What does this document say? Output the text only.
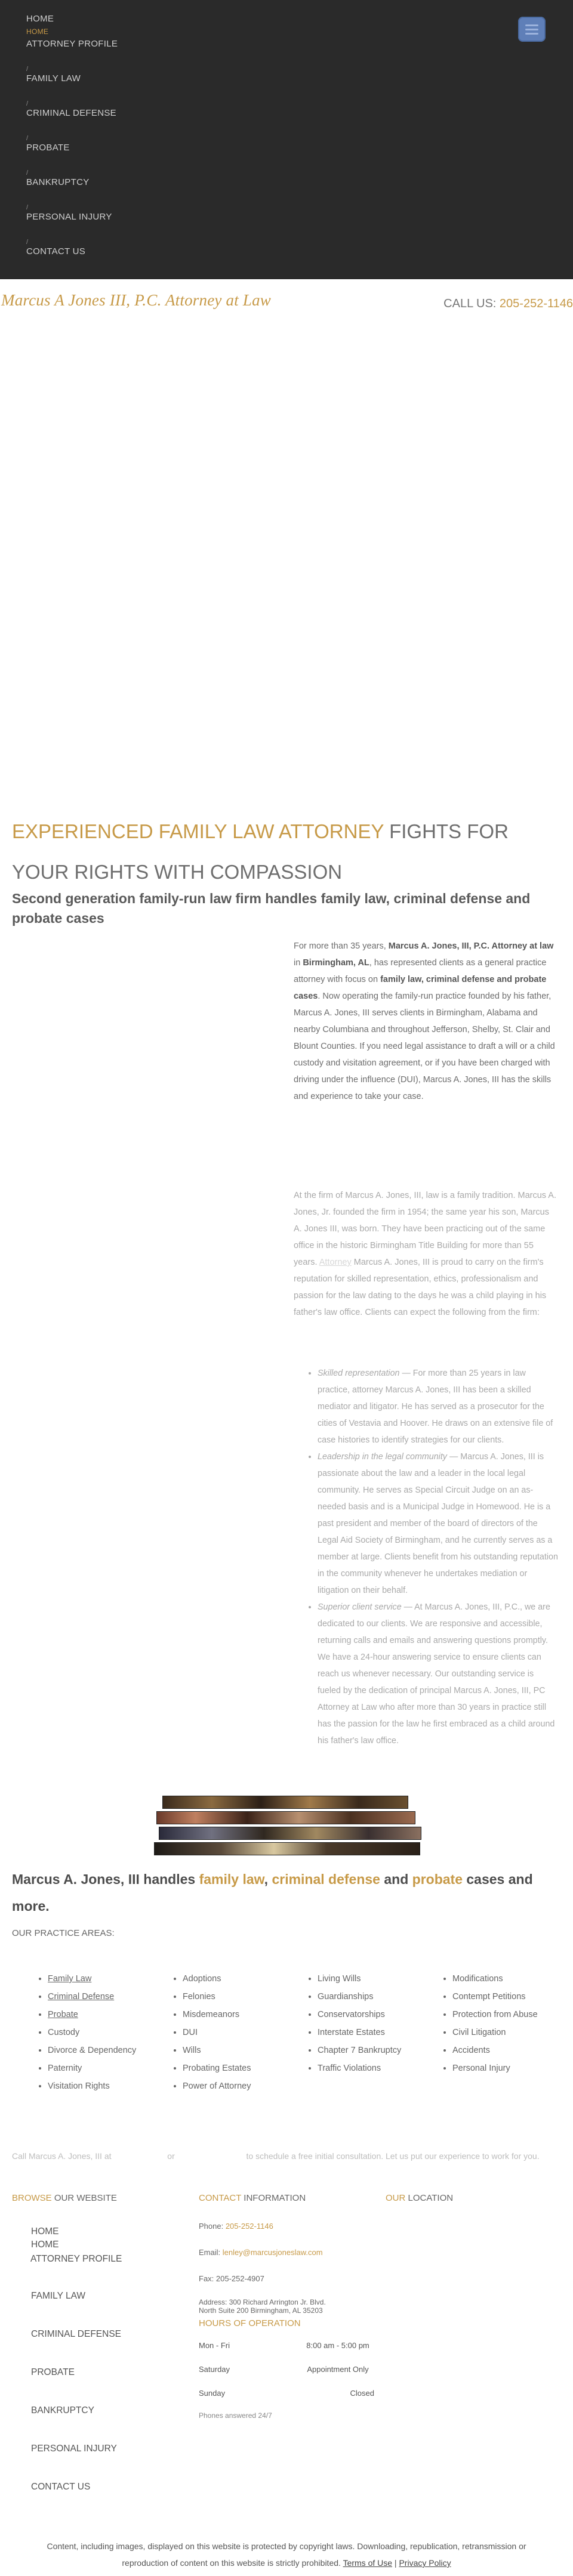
HOME
HOME
ATTORNEY PROFILE
/
FAMILY LAW
/
CRIMINAL DEFENSE
/
PROBATE
/
BANKRUPTCY
/
PERSONAL INJURY
/
CONTACT US
Marcus A Jones III, P.C. Attorney at Law	CALL US: 205-252-1146
EXPERIENCED FAMILY LAW ATTORNEY FIGHTS FOR YOUR RIGHTS WITH COMPASSION
Second generation family-run law firm handles family law, criminal defense and probate cases

For more than 35 years, Marcus A. Jones, III, P.C. Attorney at law in Birmingham, AL, has represented clients as a general practice attorney with focus on family law, criminal defense and probate cases. Now operating the family-run practice founded by his father, Marcus A. Jones, III serves clients in Birmingham, Alabama and nearby Columbiana and throughout Jefferson, Shelby, St. Clair and Blount Counties. If you need legal assistance to draft a will or a child custody and visitation agreement, or if you have been charged with driving under the influence (DUI), Marcus A. Jones, III has the skills and experience to take your case.

At the firm of Marcus A. Jones, III, law is a family tradition. Marcus A. Jones, Jr. founded the firm in 1954; the same year his son, Marcus A. Jones III, was born. They have been practicing out of the same office in the historic Birmingham Title Building for more than 55 years. Attorney Marcus A. Jones, III is proud to carry on the firm's reputation for skilled representation, ethics, professionalism and passion for the law dating to the days he was a child playing in his father's law office. Clients can expect the following from the firm:

• Skilled representation — For more than 25 years in law practice, attorney Marcus A. Jones, III has been a skilled mediator and litigator. He has served as a prosecutor for the cities of Vestavia and Hoover. He draws on an extensive file of case histories to identify strategies for our clients.
• Leadership in the legal community — Marcus A. Jones, III is passionate about the law and a leader in the local legal community. He serves as Special Circuit Judge on an as-needed basis and is a Municipal Judge in Homewood. He is a past president and member of the board of directors of the Legal Aid Society of Birmingham, and he currently serves as a member at large. Clients benefit from his outstanding reputation in the community whenever he undertakes mediation or litigation on their behalf.
• Superior client service — At Marcus A. Jones, III, P.C., we are dedicated to our clients. We are responsive and accessible, returning calls and emails and answering questions promptly. We have a 24-hour answering service to ensure clients can reach us whenever necessary. Our outstanding service is fueled by the dedication of principal Marcus A. Jones, III, PC Attorney at Law who after more than 30 years in practice still has the passion for the law he first embraced as a child around his father's law office.
Marcus A. Jones, III handles family law, criminal defense and probate cases and more.
OUR PRACTICE AREAS:
• Family Law
• Criminal Defense
• Probate
• Custody
• Divorce & Dependency
• Paternity
• Visitation Rights
• Adoptions
• Felonies
• Misdemeanors
• DUI
• Wills
• Probating Estates
• Power of Attorney
• Living Wills
• Guardianships
• Conservatorships
• Interstate Estates
• Chapter 7 Bankruptcy
• Traffic Violations
• Modifications
• Contempt Petitions
• Protection from Abuse
• Civil Litigation
• Accidents
• Personal Injury

Call Marcus A. Jones, III at	or	to schedule a free initial consultation. Let us put our experience to work for you.

BROWSE OUR WEBSITE	CONTACT INFORMATION	OUR LOCATION
HOME
HOME
ATTORNEY PROFILE
FAMILY LAW
CRIMINAL DEFENSE
PROBATE
BANKRUPTCY
PERSONAL INJURY
CONTACT US
Phone: 205-252-1146
Email: lenley@marcusjoneslaw.com
Fax: 205-252-4907
Address: 300 Richard Arrington Jr. Blvd.
North Suite 200 Birmingham, AL 35203
HOURS OF OPERATION
Mon - Fri	8:00 am - 5:00 pm
Saturday	Appointment Only
Sunday	Closed
Phones answered 24/7

Content, including images, displayed on this website is protected by copyright laws. Downloading, republication, retransmission or reproduction of content on this website is strictly prohibited. Terms of Use | Privacy Policy
